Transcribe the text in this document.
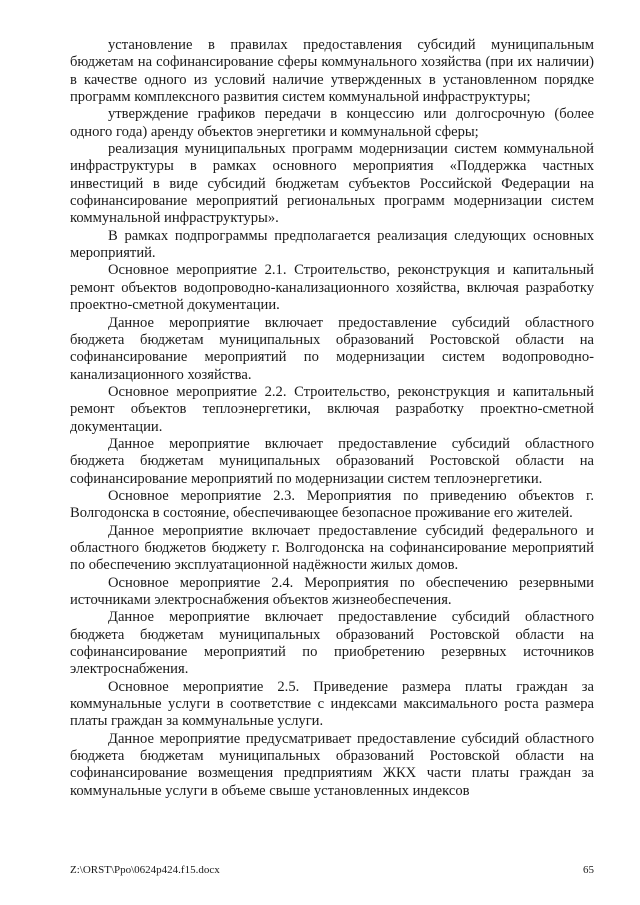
установление в правилах предоставления субсидий муниципальным бюджетам на софинансирование сферы коммунального хозяйства (при их наличии) в качестве одного из условий наличие утвержденных в установленном порядке программ комплексного развития систем коммунальной инфраструктуры;

утверждение графиков передачи в концессию или долгосрочную (более одного года) аренду объектов энергетики и коммунальной сферы;

реализация муниципальных программ модернизации систем коммунальной инфраструктуры в рамках основного мероприятия «Поддержка частных инвестиций в виде субсидий бюджетам субъектов Российской Федерации на софинансирование мероприятий региональных программ модернизации систем коммунальной инфраструктуры».

В рамках подпрограммы предполагается реализация следующих основных мероприятий.

Основное мероприятие 2.1. Строительство, реконструкция и капитальный ремонт объектов водопроводно-канализационного хозяйства, включая разработку проектно-сметной документации.

Данное мероприятие включает предоставление субсидий областного бюджета бюджетам муниципальных образований Ростовской области на софинансирование мероприятий по модернизации систем водопроводно-канализационного хозяйства.

Основное мероприятие 2.2. Строительство, реконструкция и капитальный ремонт объектов теплоэнергетики, включая разработку проектно-сметной документации.

Данное мероприятие включает предоставление субсидий областного бюджета бюджетам муниципальных образований Ростовской области на софинансирование мероприятий по модернизации систем теплоэнергетики.

Основное мероприятие 2.3. Мероприятия по приведению объектов г. Волгодонска в состояние, обеспечивающее безопасное проживание его жителей.

Данное мероприятие включает предоставление субсидий федерального и областного бюджетов бюджету г. Волгодонска на софинансирование мероприятий по обеспечению эксплуатационной надёжности жилых домов.

Основное мероприятие 2.4. Мероприятия по обеспечению резервными источниками электроснабжения объектов жизнеобеспечения.

Данное мероприятие включает предоставление субсидий областного бюджета бюджетам муниципальных образований Ростовской области на софинансирование мероприятий по приобретению резервных источников электроснабжения.

Основное мероприятие 2.5. Приведение размера платы граждан за коммунальные услуги в соответствие с индексами максимального роста размера платы граждан за коммунальные услуги.

Данное мероприятие предусматривает предоставление субсидий областного бюджета бюджетам муниципальных образований Ростовской области на софинансирование возмещения предприятиям ЖКХ части платы граждан за коммунальные услуги в объеме свыше установленных индексов

Z:\ORST\Ppo\0624p424.f15.docx	65
